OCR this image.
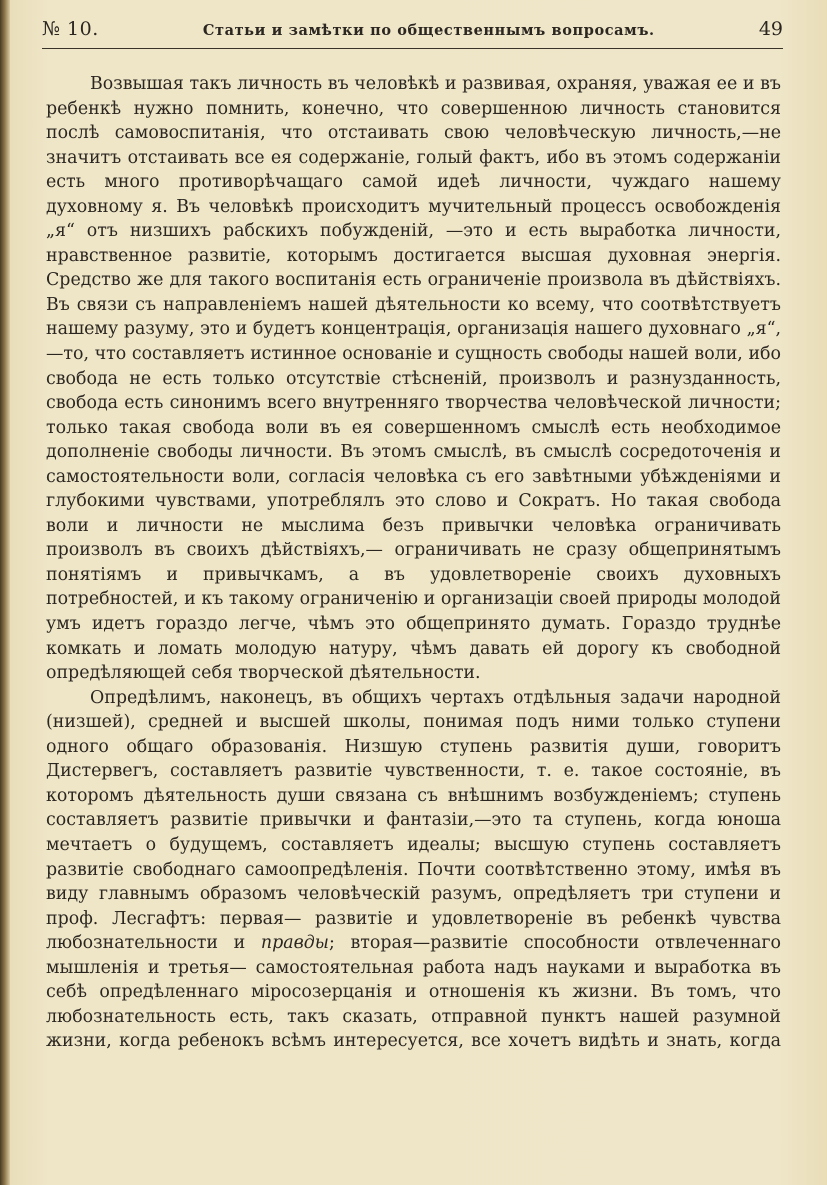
№ 10.	Статьи и замѣтки по общественнымъ вопросамъ.	49

Возвышая такъ личность въ человѣкѣ и развивая, охраняя, уважая ее и въ ребенкѣ нужно помнить, конечно, что совершенною личность становится послѣ самовоспитанія, что отстаивать свою человѣческую личность,—не значитъ отстаивать все ея содержаніе, голый фактъ, ибо въ этомъ содержаніи есть много противорѣчащаго самой идеѣ личности, чуждаго нашему духовному я. Въ человѣкѣ происходитъ мучительный процессъ освобожденія „я“ отъ низшихъ рабскихъ побужденій, —это и есть выработка личности, нравственное развитіе, которымъ достигается высшая духовная энергія. Средство же для такого воспитанія есть ограниченіе произвола въ дѣйствіяхъ. Въ связи съ направленіемъ нашей дѣятельности ко всему, что соотвѣтствуетъ нашему разуму, это и будетъ концентрація, организація нашего духовнаго „я“, —то, что составляетъ истинное основаніе и сущность свободы нашей воли, ибо свобода не есть только отсутствіе стѣсненій, произволъ и разнузданность, свобода есть синонимъ всего внутренняго творчества человѣческой личности; только такая свобода воли въ ея совершенномъ смыслѣ есть необходимое дополненіе свободы личности. Въ этомъ смыслѣ, въ смыслѣ сосредоточенія и самостоятельности воли, согласія человѣка съ его завѣтными убѣжденіями и глубокими чувствами, употреблялъ это слово и Сократъ. Но такая свобода воли и личности не мыслима безъ привычки человѣка ограничивать произволъ въ своихъ дѣйствіяхъ,— ограничивать не сразу общепринятымъ понятіямъ и привычкамъ, а въ удовлетвореніе своихъ духовныхъ потребностей, и къ такому ограниченію и организаціи своей природы молодой умъ идетъ гораздо легче, чѣмъ это общепринято думать. Гораздо труднѣе комкать и ломать молодую натуру, чѣмъ давать ей дорогу къ свободной опредѣляющей себя творческой дѣятельности.

Опредѣлимъ, наконецъ, въ общихъ чертахъ отдѣльныя задачи народной (низшей), средней и высшей школы, понимая подъ ними только ступени одного общаго образованія. Низшую ступень развитія души, говоритъ Дистервегъ, составляетъ развитіе чувственности, т. е. такое состояніе, въ которомъ дѣятельность души связана съ внѣшнимъ возбужденіемъ; ступень составляетъ развитіе привычки и фантазіи,—это та ступень, когда юноша мечтаетъ о будущемъ, составляетъ идеалы; высшую ступень составляетъ развитіе свободнаго самоопредѣленія. Почти соотвѣтственно этому, имѣя въ виду главнымъ образомъ человѣческій разумъ, опредѣляетъ три ступени и проф. Лесгафтъ: первая— развитіе и удовлетвореніе въ ребенкѣ чувства любознательности и правды; вторая—развитіе способности отвлеченнаго мышленія и третья— самостоятельная работа надъ науками и выработка въ себѣ опредѣленнаго міросозерцанія и отношенія къ жизни. Въ томъ, что любознательность есть, такъ сказать, отправной пунктъ нашей разумной жизни, когда ребенокъ всѣмъ интересуется, все хочетъ видѣть и знать, когда
